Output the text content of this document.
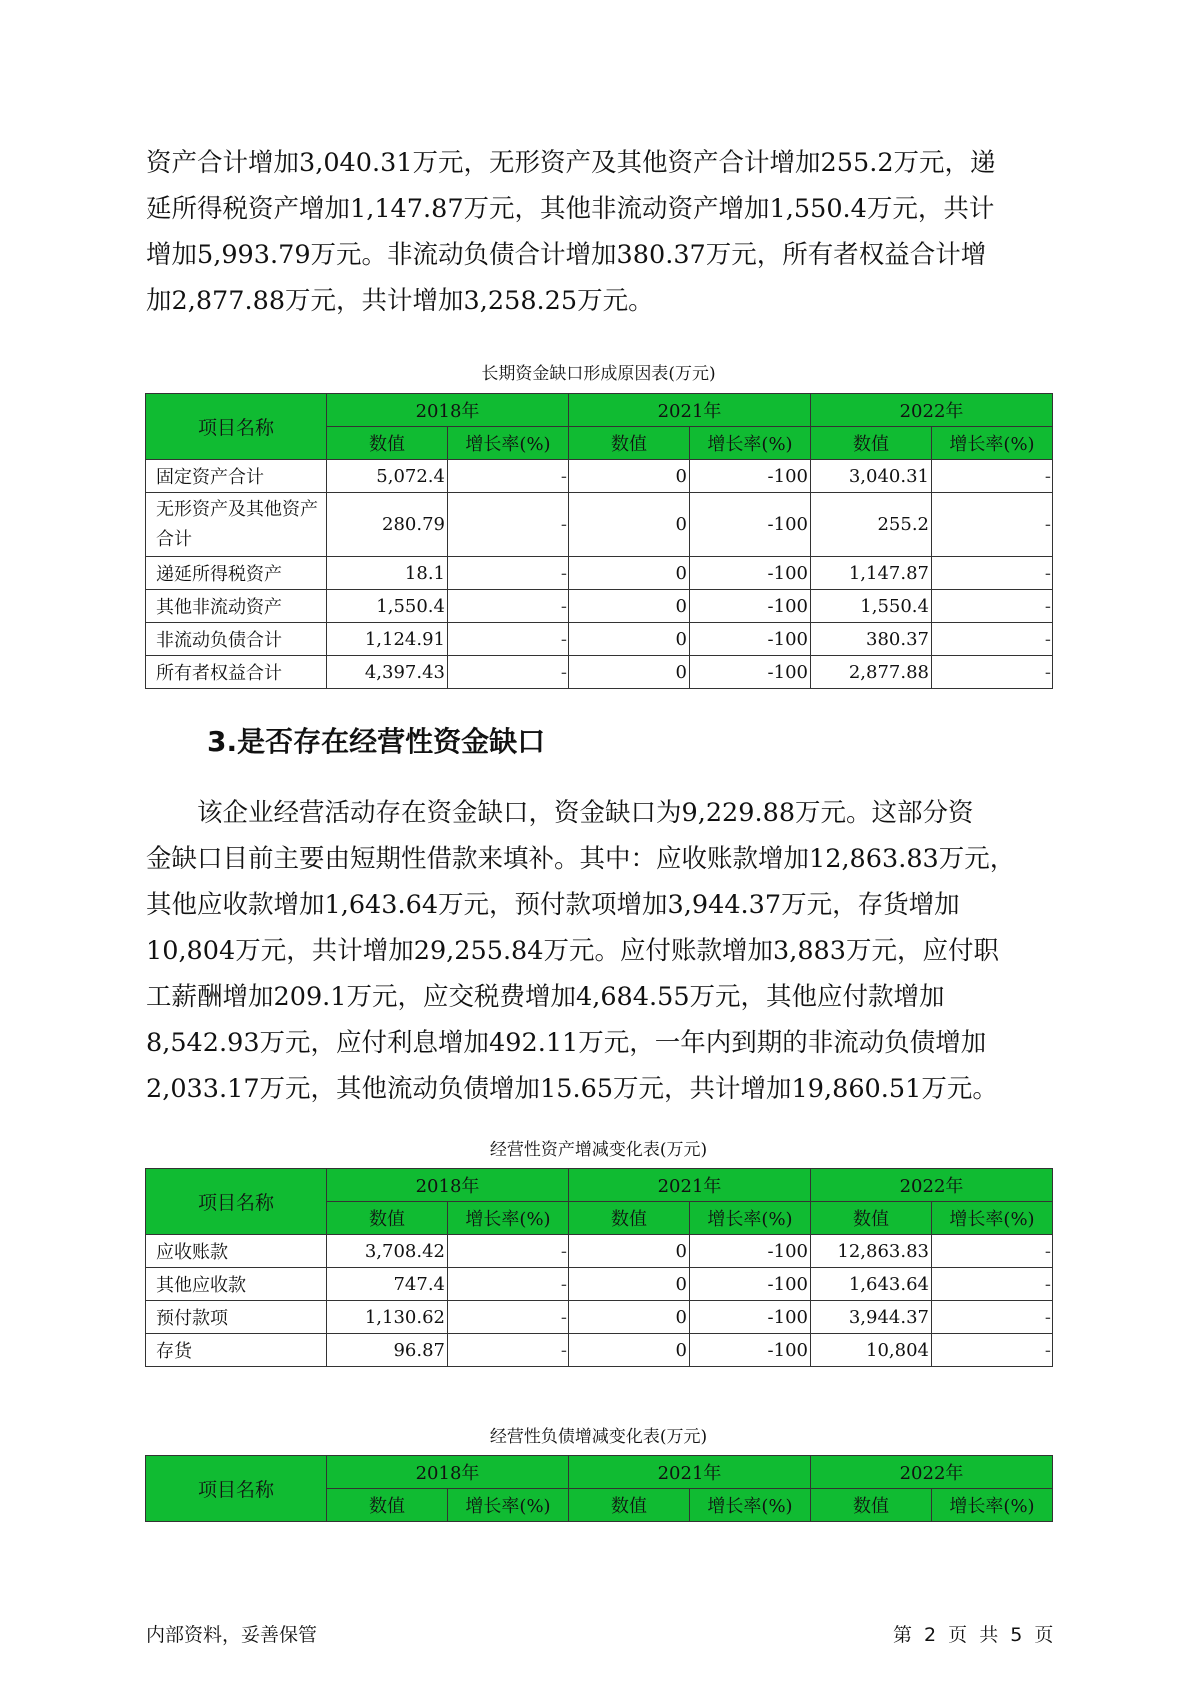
资产合计增加3,040.31万元，无形资产及其他资产合计增加255.2万元，递
延所得税资产增加1,147.87万元，其他非流动资产增加1,550.4万元，共计
增加5,993.79万元。非流动负债合计增加380.37万元，所有者权益合计增
加2,877.88万元，共计增加3,258.25万元。

长期资金缺口形成原因表(万元)
项目名称	2018年		2021年		2022年	
	数值	增长率(%)	数值	增长率(%)	数值	增长率(%)
固定资产合计	5,072.4	-	0	-100	3,040.31	-
无形资产及其他资产合计	280.79	-	0	-100	255.2	-
递延所得税资产	18.1	-	0	-100	1,147.87	-
其他非流动资产	1,550.4	-	0	-100	1,550.4	-
非流动负债合计	1,124.91	-	0	-100	380.37	-
所有者权益合计	4,397.43	-	0	-100	2,877.88	-
3.是否存在经营性资金缺口

　　该企业经营活动存在资金缺口，资金缺口为9,229.88万元。这部分资
金缺口目前主要由短期性借款来填补。其中：应收账款增加12,863.83万元，
其他应收款增加1,643.64万元，预付款项增加3,944.37万元，存货增加
10,804万元，共计增加29,255.84万元。应付账款增加3,883万元，应付职
工薪酬增加209.1万元，应交税费增加4,684.55万元，其他应付款增加
8,542.93万元，应付利息增加492.11万元，一年内到期的非流动负债增加
2,033.17万元，其他流动负债增加15.65万元，共计增加19,860.51万元。

经营性资产增减变化表(万元)
项目名称	2018年		2021年		2022年	
	数值	增长率(%)	数值	增长率(%)	数值	增长率(%)
应收账款	3,708.42	-	0	-100	12,863.83	-
其他应收款	747.4	-	0	-100	1,643.64	-
预付款项	1,130.62	-	0	-100	3,944.37	-
存货	96.87	-	0	-100	10,804	-
经营性负债增减变化表(万元)
项目名称	2018年		2021年		2022年	
	数值	增长率(%)	数值	增长率(%)	数值	增长率(%)
内部资料，妥善保管	第 2 页 共 5 页
